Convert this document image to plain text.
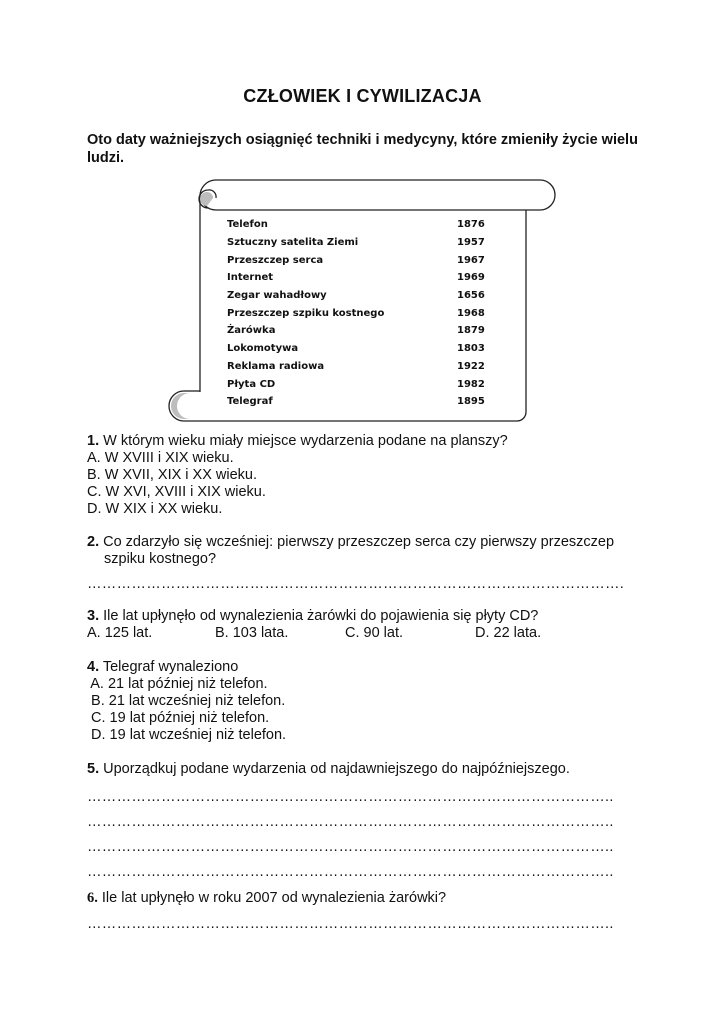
CZŁOWIEK I CYWILIZACJA
Oto daty ważniejszych osiągnięć techniki i medycyny, które zmieniły życie wielu ludzi.
Telefon	1876
Sztuczny satelita Ziemi	1957
Przeszczep serca	1967
Internet	1969
Zegar wahadłowy	1656
Przeszczep szpiku kostnego	1968
Żarówka	1879
Lokomotywa	1803
Reklama radiowa	1922
Płyta CD	1982
Telegraf	1895
1. W którym wieku miały miejsce wydarzenia podane na planszy?
A. W XVIII i XIX wieku.
B. W XVII, XIX i XX wieku.
C. W XVI, XVIII i XIX wieku.
D. W XIX i XX wieku.
2. Co zdarzyło się wcześniej: pierwszy przeszczep serca czy pierwszy przeszczep
szpiku kostnego?
……………………………………………………………………………………………….
3. Ile lat upłynęło od wynalezienia żarówki do pojawienia się płyty CD?
A. 125 lat.	B. 103 lata.	C. 90 lat.	D. 22 lata.
4. Telegraf wynaleziono
A. 21 lat później niż telefon.
B. 21 lat wcześniej niż telefon.
C. 19 lat później niż telefon.
D. 19 lat wcześniej niż telefon.
5. Uporządkuj podane wydarzenia od najdawniejszego do najpóźniejszego.
……………………………………………………………………………………………..
……………………………………………………………………………………………..
……………………………………………………………………………………………..
……………………………………………………………………………………………..
6. Ile lat upłynęło w roku 2007 od wynalezienia żarówki?
……………………………………………………………………………………………..
